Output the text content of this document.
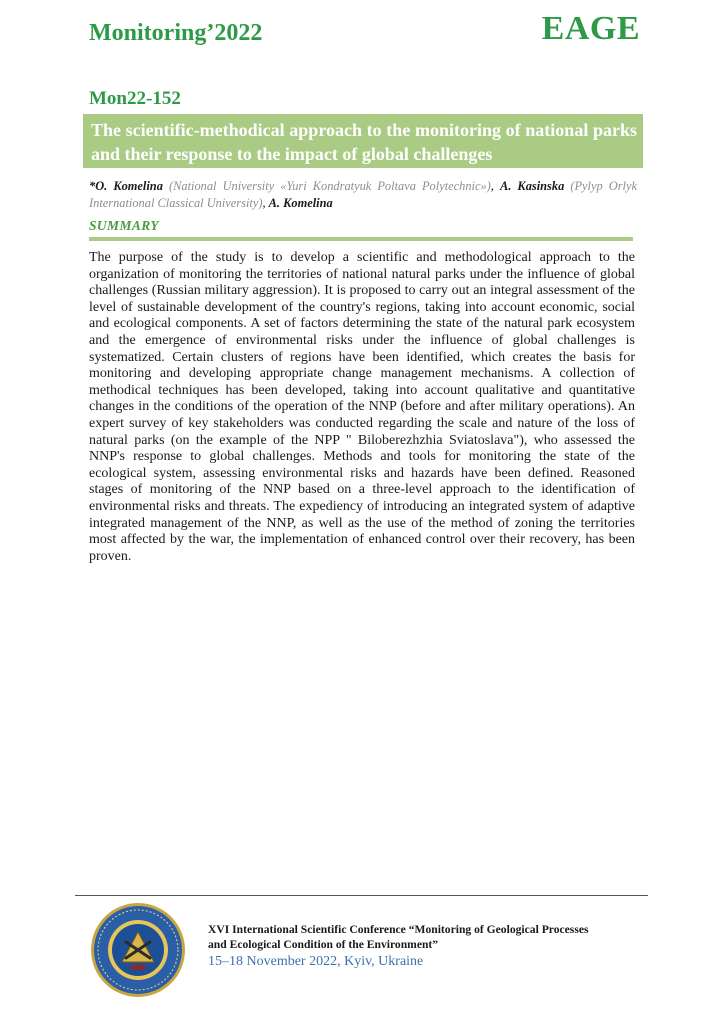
Monitoring’2022	EAGE
Mon22-152
The scientific-methodical approach to the monitoring of national parks and their response to the impact of global challenges
*O. Komelina (National University «Yuri Kondratyuk Poltava Polytechnic»), A. Kasinska (Pylyp Orlyk International Classical University), A. Komelina
SUMMARY

The purpose of the study is to develop a scientific and methodological approach to the organization of monitoring the territories of national natural parks under the influence of global challenges (Russian military aggression). It is proposed to carry out an integral assessment of the level of sustainable development of the country's regions, taking into account economic, social and ecological components. A set of factors determining the state of the natural park ecosystem and the emergence of environmental risks under the influence of global challenges is systematized. Certain clusters of regions have been identified, which creates the basis for monitoring and developing appropriate change management mechanisms. A collection of methodical techniques has been developed, taking into account qualitative and quantitative changes in the conditions of the operation of the NNP (before and after military operations). An expert survey of key stakeholders was conducted regarding the scale and nature of the loss of natural parks (on the example of the NPP " Biloberezhzhia Sviatoslava"), who assessed the NNP's response to global challenges. Methods and tools for monitoring the state of the ecological system, assessing environmental risks and hazards have been defined. Reasoned stages of monitoring of the NNP based on a three-level approach to the identification of environmental risks and threats. The expediency of introducing an integrated system of adaptive integrated management of the NNP, as well as the use of the method of zoning the territories most affected by the war, the implementation of enhanced control over their recovery, has been proven.

XVI International Scientific Conference “Monitoring of Geological Processes
and Ecological Condition of the Environment”
15–18 November 2022, Kyiv, Ukraine
